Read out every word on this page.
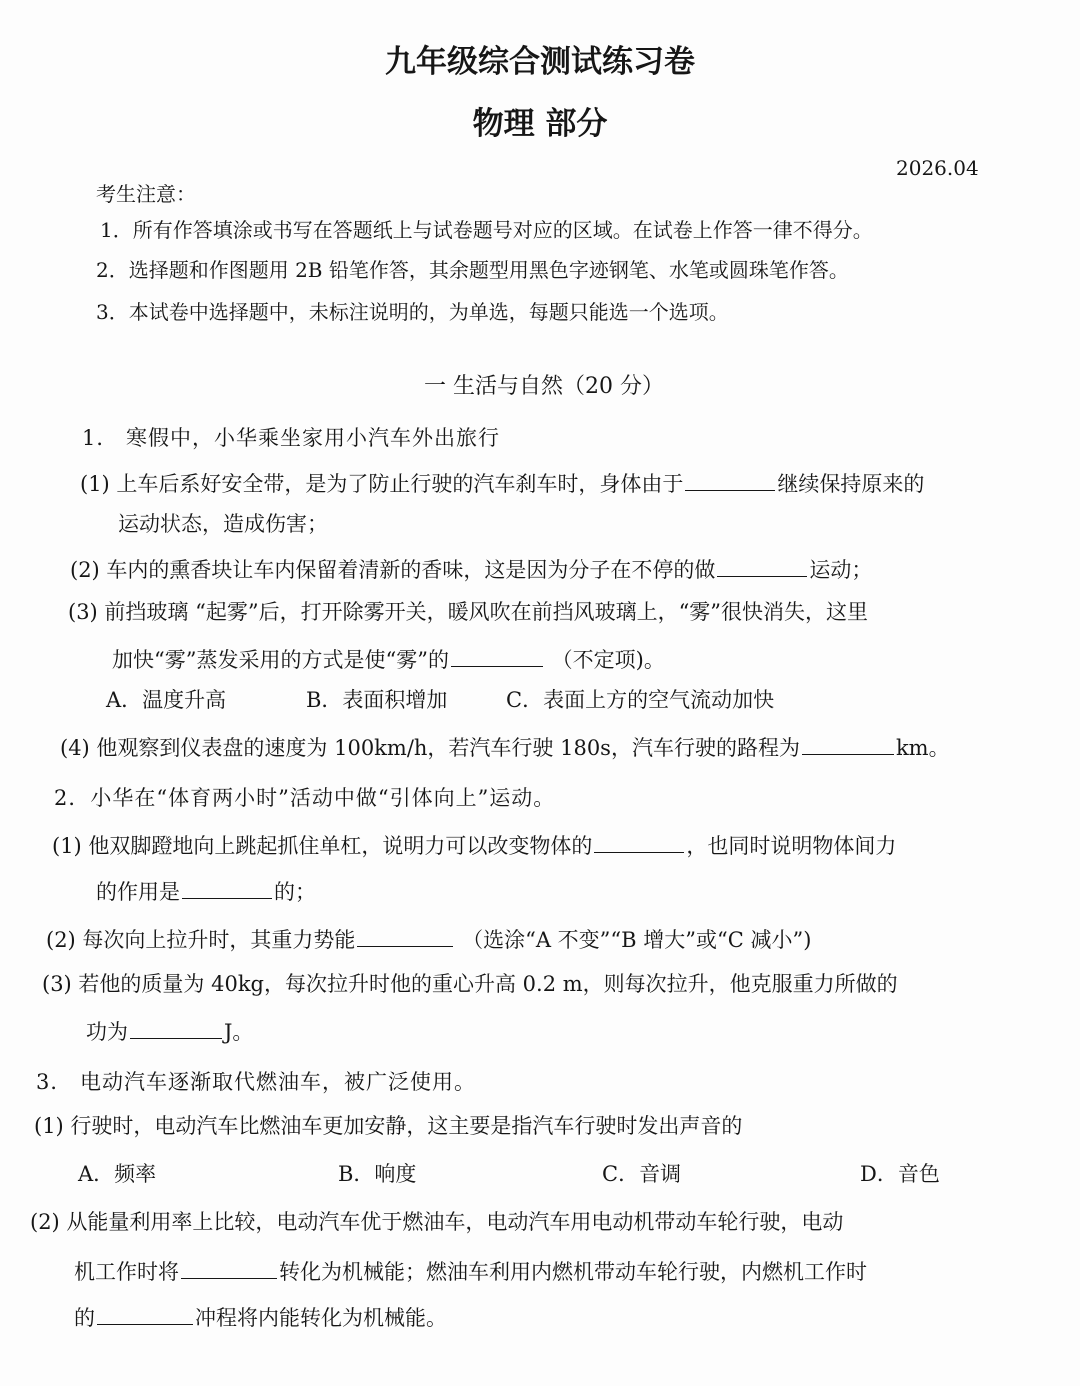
九年级综合测试练习卷
物理 部分
2026.04
考生注意：
1．所有作答填涂或书写在答题纸上与试卷题号对应的区域。在试卷上作答一律不得分。
2．选择题和作图题用 2B 铅笔作答，其余题型用黑色字迹钢笔、水笔或圆珠笔作答。
3．本试卷中选择题中，未标注说明的，为单选，每题只能选一个选项。
一 生活与自然（20 分）
1． 寒假中，小华乘坐家用小汽车外出旅行
(1) 上车后系好安全带，是为了防止行驶的汽车刹车时，身体由于	继续保持原来的
运动状态，造成伤害；
(2) 车内的熏香块让车内保留着清新的香味，这是因为分子在不停的做	运动；
(3) 前挡玻璃 “起雾”后，打开除雾开关，暖风吹在前挡风玻璃上，“雾”很快消失，这里
加快“雾”蒸发采用的方式是使“雾”的	（不定项)。
A．温度升高	B．表面积增加	C．表面上方的空气流动加快
(4) 他观察到仪表盘的速度为 100km/h，若汽车行驶 180s，汽车行驶的路程为	km。
2．小华在“体育两小时”活动中做“引体向上”运动。
(1) 他双脚蹬地向上跳起抓住单杠，说明力可以改变物体的	，也同时说明物体间力
的作用是	的；
(2) 每次向上拉升时，其重力势能	（选涂“A 不变”“B 增大”或“C 减小”)
(3) 若他的质量为 40kg，每次拉升时他的重心升高 0.2 m，则每次拉升，他克服重力所做的
功为	J。
3． 电动汽车逐渐取代燃油车，被广泛使用。
(1) 行驶时，电动汽车比燃油车更加安静，这主要是指汽车行驶时发出声音的
A．频率	B．响度	C．音调	D．音色
(2) 从能量利用率上比较，电动汽车优于燃油车，电动汽车用电动机带动车轮行驶，电动
机工作时将	转化为机械能；燃油车利用内燃机带动车轮行驶，内燃机工作时
的	冲程将内能转化为机械能。
